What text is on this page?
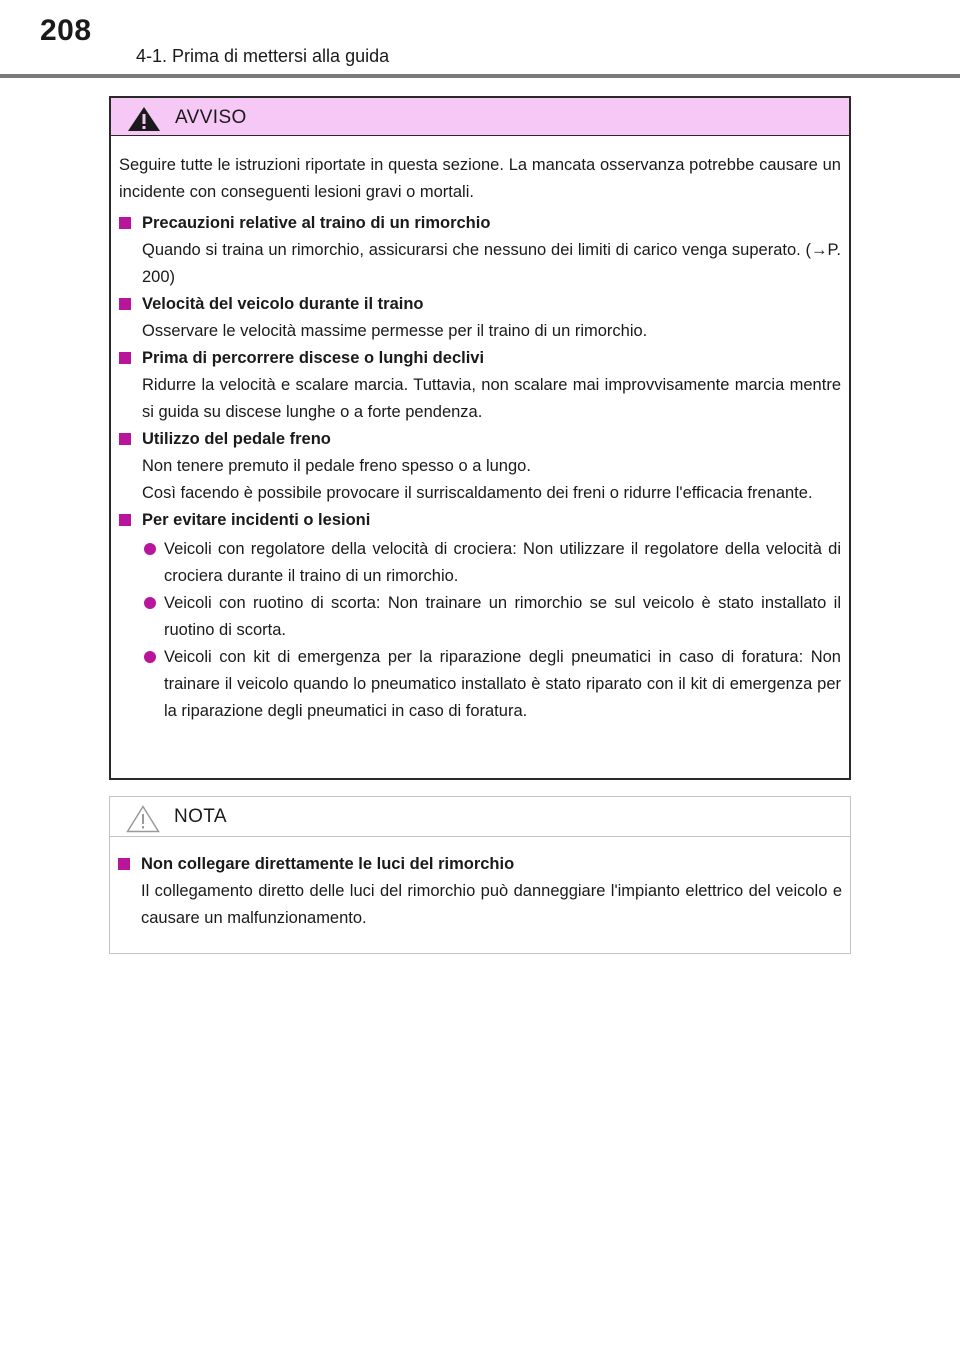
208
4-1. Prima di mettersi alla guida
AVVISO

Seguire tutte le istruzioni riportate in questa sezione. La mancata osservanza potrebbe causare un incidente con conseguenti lesioni gravi o mortali.

Precauzioni relative al traino di un rimorchio

Quando si traina un rimorchio, assicurarsi che nessuno dei limiti di carico venga superato. (→P. 200)

Velocità del veicolo durante il traino

Osservare le velocità massime permesse per il traino di un rimorchio.

Prima di percorrere discese o lunghi declivi

Ridurre la velocità e scalare marcia. Tuttavia, non scalare mai improvvisamente marcia mentre si guida su discese lunghe o a forte pendenza.

Utilizzo del pedale freno

Non tenere premuto il pedale freno spesso o a lungo.

Così facendo è possibile provocare il surriscaldamento dei freni o ridurre l'efficacia frenante.

Per evitare incidenti o lesioni

Veicoli con regolatore della velocità di crociera: Non utilizzare il regolatore della velocità di crociera durante il traino di un rimorchio.

Veicoli con ruotino di scorta: Non trainare un rimorchio se sul veicolo è stato installato il ruotino di scorta.

Veicoli con kit di emergenza per la riparazione degli pneumatici in caso di foratura: Non trainare il veicolo quando lo pneumatico installato è stato riparato con il kit di emergenza per la riparazione degli pneumatici in caso di foratura.

NOTA

Non collegare direttamente le luci del rimorchio

Il collegamento diretto delle luci del rimorchio può danneggiare l'impianto elettrico del veicolo e causare un malfunzionamento.
